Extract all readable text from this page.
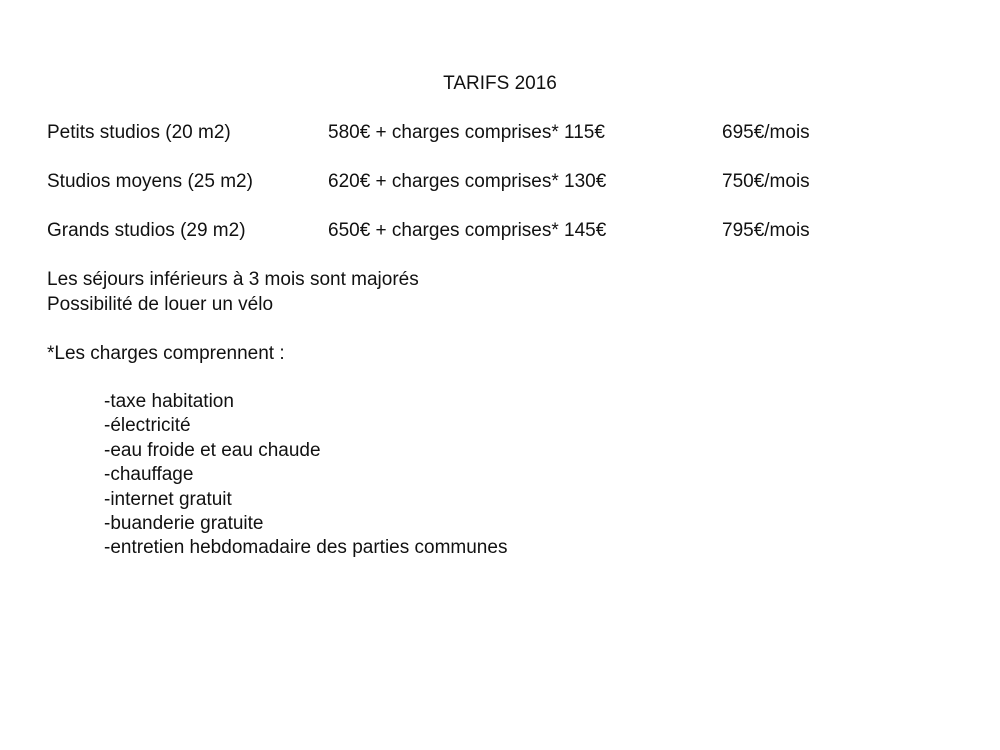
TARIFS 2016
Petits studios (20 m2)	580€ + charges comprises* 115€	695€/mois
Studios moyens (25 m2)	620€ + charges comprises* 130€	750€/mois
Grands studios (29 m2)	650€ + charges comprises* 145€	795€/mois
Les séjours inférieurs à 3 mois sont majorés
Possibilité de louer un vélo
*Les charges comprennent :
-taxe habitation
-électricité
-eau froide et eau chaude
-chauffage
-internet gratuit
-buanderie gratuite
-entretien hebdomadaire des parties communes
